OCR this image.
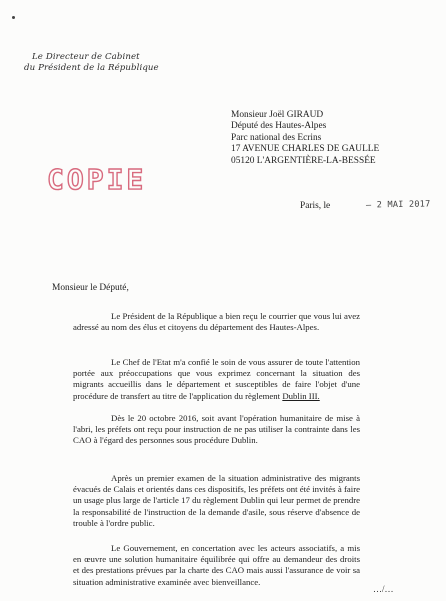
Le Directeur de Cabinet
du Président de la République
Monsieur Joël GIRAUD
Député des Hautes-Alpes
Parc national des Ecrins
17 AVENUE CHARLES DE GAULLE
05120 L'ARGENTIÈRE-LA-BESSÉE
COPIE
Paris, le	– 2 MAI 2017
Monsieur le Député,
Le Président de la République a bien reçu le courrier que vous lui avez adressé au nom des élus et citoyens du département des Hautes-Alpes.
Le Chef de l'Etat m'a confié le soin de vous assurer de toute l'attention portée aux préoccupations que vous exprimez concernant la situation des migrants accueillis dans le département et susceptibles de faire l'objet d'une procédure de transfert au titre de l'application du règlement Dublin III.
Dès le 20 octobre 2016, soit avant l'opération humanitaire de mise à l'abri, les préfets ont reçu pour instruction de ne pas utiliser la contrainte dans les CAO à l'égard des personnes sous procédure Dublin.
Après un premier examen de la situation administrative des migrants évacués de Calais et orientés dans ces dispositifs, les préfets ont été invités à faire un usage plus large de l'article 17 du règlement Dublin qui leur permet de prendre la responsabilité de l'instruction de la demande d'asile, sous réserve d'absence de trouble à l'ordre public.
Le Gouvernement, en concertation avec les acteurs associatifs, a mis en œuvre une solution humanitaire équilibrée qui offre au demandeur des droits et des prestations prévues par la charte des CAO mais aussi l'assurance de voir sa situation administrative examinée avec bienveillance.
…/…
